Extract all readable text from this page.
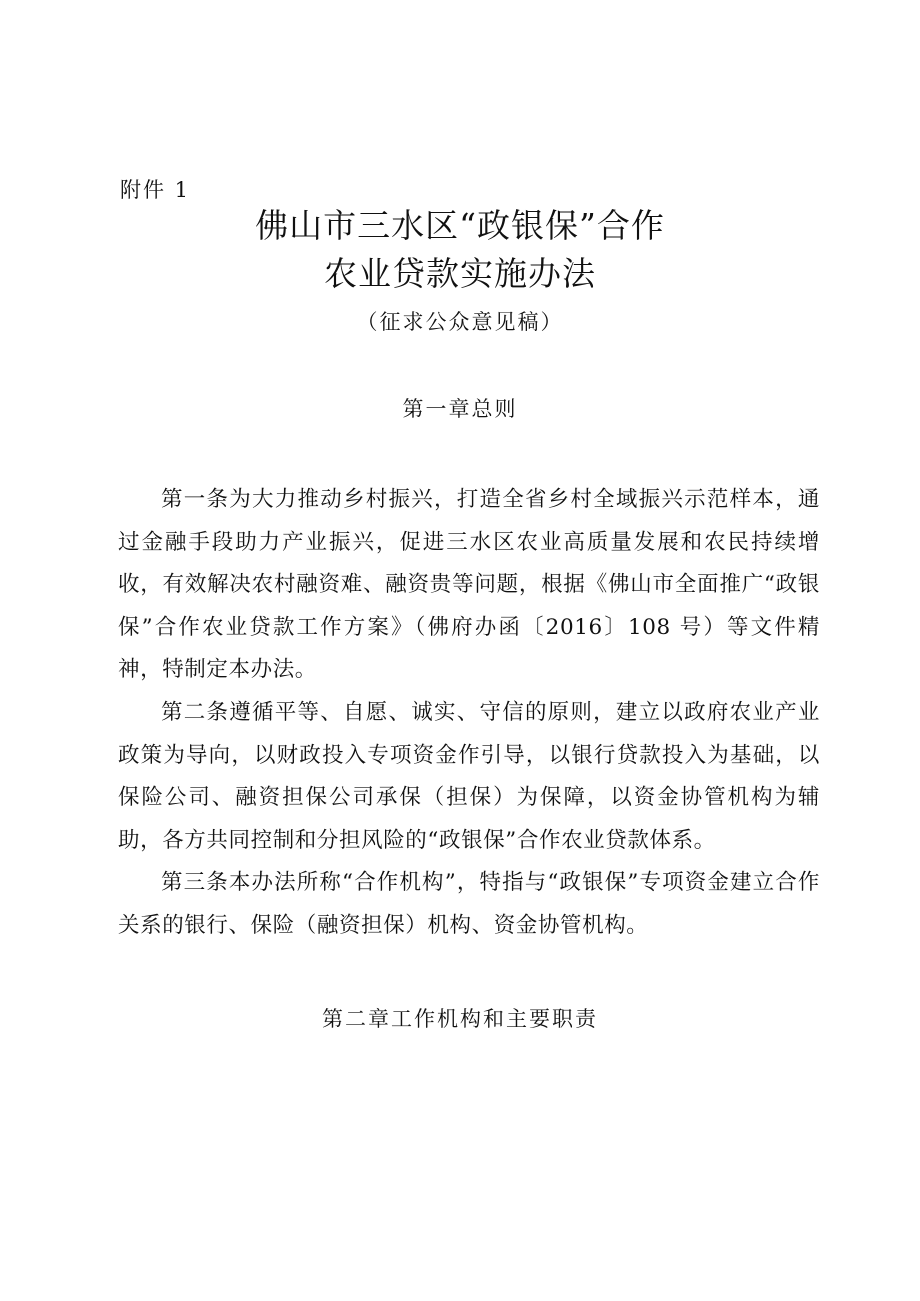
附件 1
佛山市三水区“政银保”合作
农业贷款实施办法
（征求公众意见稿）
第一章总则

第一条为大力推动乡村振兴，打造全省乡村全域振兴示范样本，通过金融手段助力产业振兴，促进三水区农业高质量发展和农民持续增收，有效解决农村融资难、融资贵等问题，根据《佛山市全面推广“政银保”合作农业贷款工作方案》（佛府办函〔2016〕108 号）等文件精神，特制定本办法。

第二条遵循平等、自愿、诚实、守信的原则，建立以政府农业产业政策为导向，以财政投入专项资金作引导，以银行贷款投入为基础，以保险公司、融资担保公司承保（担保）为保障，以资金协管机构为辅助，各方共同控制和分担风险的“政银保”合作农业贷款体系。

第三条本办法所称“合作机构”，特指与“政银保”专项资金建立合作关系的银行、保险（融资担保）机构、资金协管机构。

第二章工作机构和主要职责
